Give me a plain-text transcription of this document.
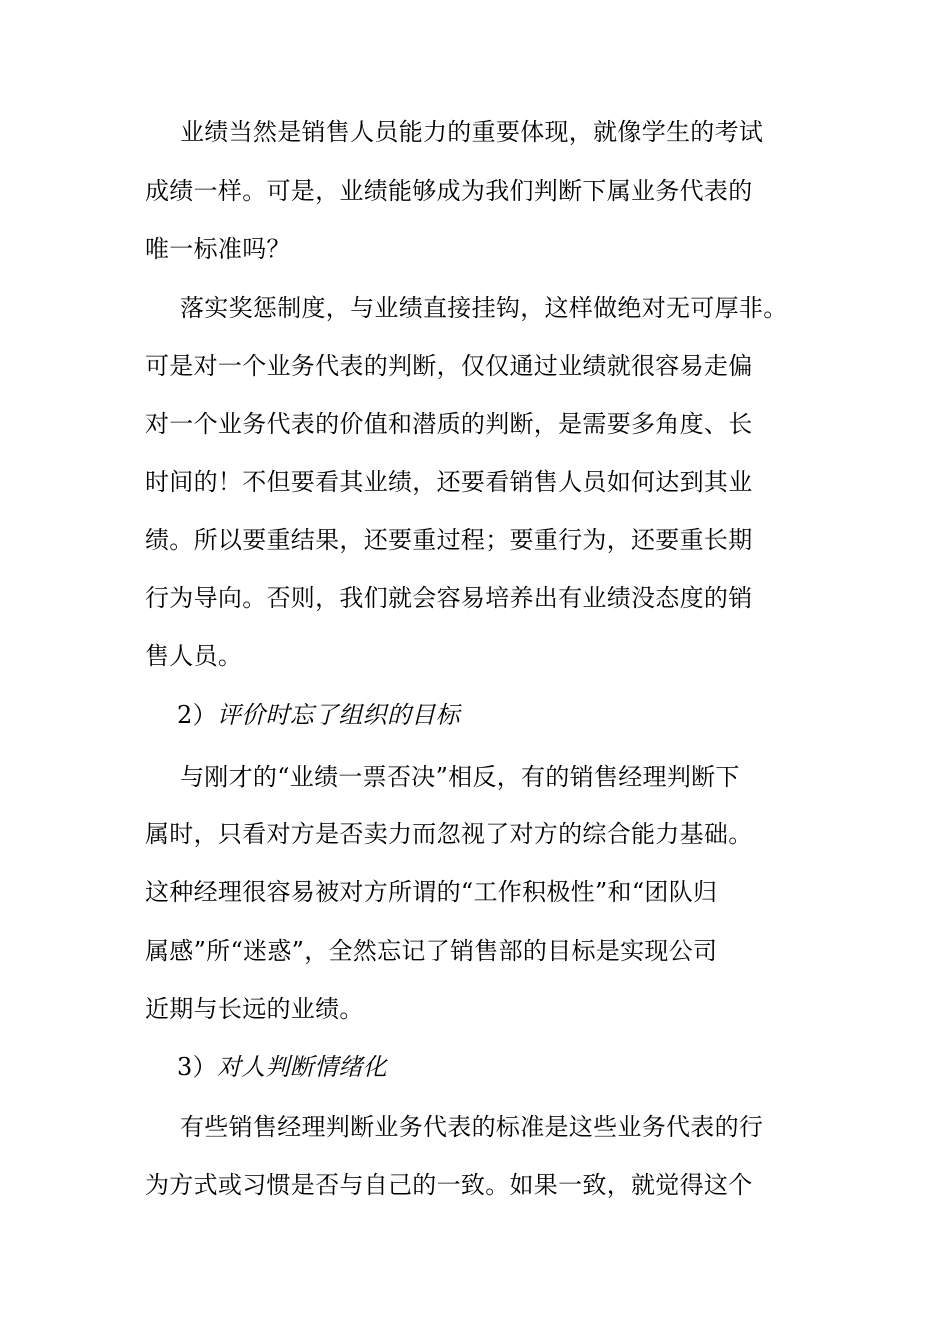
业绩当然是销售人员能力的重要体现，就像学生的考试
成绩一样。可是，业绩能够成为我们判断下属业务代表的
唯一标准吗？
落实奖惩制度，与业绩直接挂钩，这样做绝对无可厚非。
可是对一个业务代表的判断，仅仅通过业绩就很容易走偏
对一个业务代表的价值和潜质的判断，是需要多角度、长
时间的！不但要看其业绩，还要看销售人员如何达到其业
绩。所以要重结果，还要重过程；要重行为，还要重长期
行为导向。否则，我们就会容易培养出有业绩没态度的销
售人员。
2）评价时忘了组织的目标
与刚才的“业绩一票否决”相反，有的销售经理判断下
属时，只看对方是否卖力而忽视了对方的综合能力基础。
这种经理很容易被对方所谓的“工作积极性”和“团队归
属感”所“迷惑”，全然忘记了销售部的目标是实现公司
近期与长远的业绩。
3）对人判断情绪化
有些销售经理判断业务代表的标准是这些业务代表的行
为方式或习惯是否与自己的一致。如果一致，就觉得这个
